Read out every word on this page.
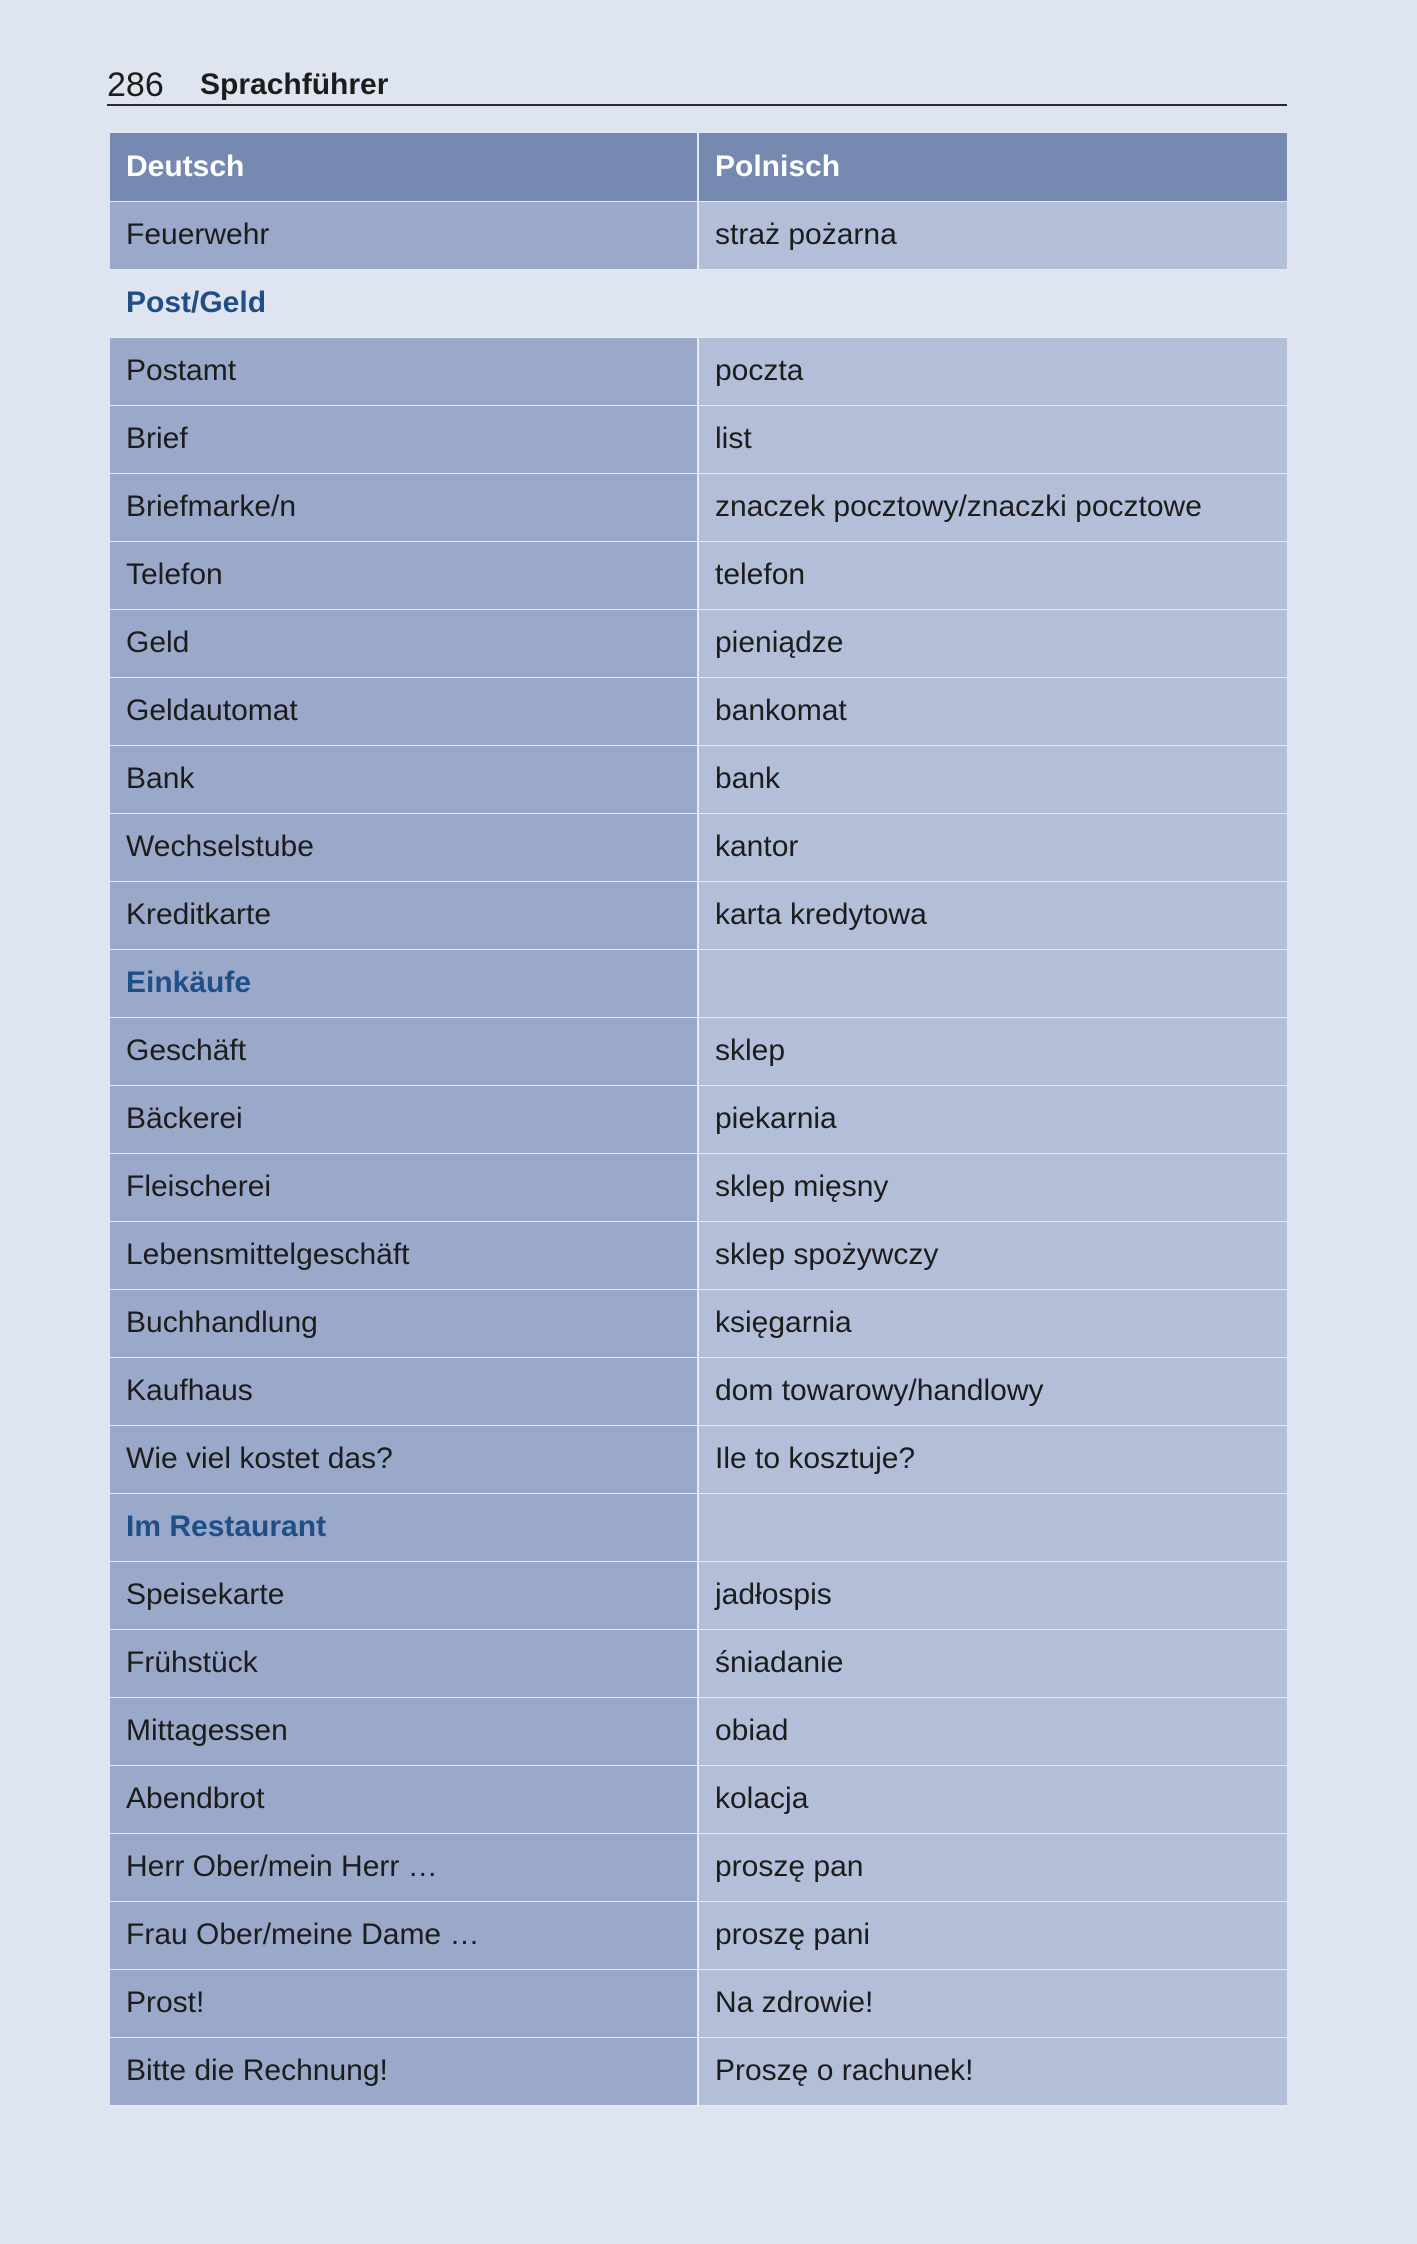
286 Sprachführer
Deutsch	Polnisch
Feuerwehr	straż pożarna
Post/Geld	
Postamt	poczta
Brief	list
Briefmarke/n	znaczek pocztowy/znaczki pocztowe
Telefon	telefon
Geld	pieniądze
Geldautomat	bankomat
Bank	bank
Wechselstube	kantor
Kreditkarte	karta kredytowa
Einkäufe	
Geschäft	sklep
Bäckerei	piekarnia
Fleischerei	sklep mięsny
Lebensmittelgeschäft	sklep spożywczy
Buchhandlung	księgarnia
Kaufhaus	dom towarowy/handlowy
Wie viel kostet das?	Ile to kosztuje?
Im Restaurant	
Speisekarte	jadłospis
Frühstück	śniadanie
Mittagessen	obiad
Abendbrot	kolacja
Herr Ober/mein Herr …	proszę pan
Frau Ober/meine Dame …	proszę pani
Prost!	Na zdrowie!
Bitte die Rechnung!	Proszę o rachunek!
